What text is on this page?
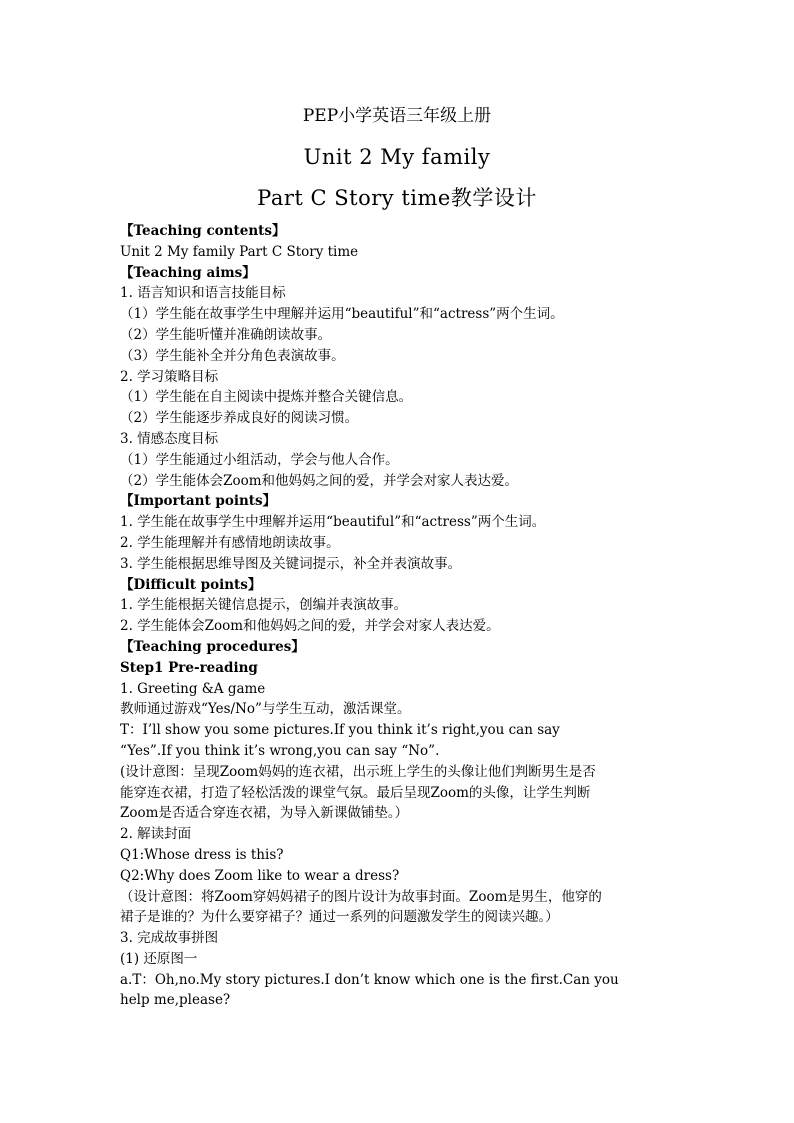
PEP小学英语三年级上册

Unit 2 My family

Part C Story time教学设计

【Teaching contents】

Unit 2 My family Part C Story time

【Teaching aims】

1. 语言知识和语言技能目标

（1）学生能在故事学生中理解并运用“beautiful”和“actress”两个生词。

（2）学生能听懂并准确朗读故事。

（3）学生能补全并分角色表演故事。

2. 学习策略目标

（1）学生能在自主阅读中提炼并整合关键信息。

（2）学生能逐步养成良好的阅读习惯。

3. 情感态度目标

（1）学生能通过小组活动，学会与他人合作。

（2）学生能体会Zoom和他妈妈之间的爱，并学会对家人表达爱。

【Important points】

1. 学生能在故事学生中理解并运用“beautiful”和“actress”两个生词。

2. 学生能理解并有感情地朗读故事。

3. 学生能根据思维导图及关键词提示，补全并表演故事。

【Difficult points】

1. 学生能根据关键信息提示，创编并表演故事。

2. 学生能体会Zoom和他妈妈之间的爱，并学会对家人表达爱。

【Teaching procedures】

Step1 Pre-reading

1. Greeting &A game

教师通过游戏“Yes/No”与学生互动，激活课堂。

T：I’ll show you some pictures.If you think it’s right,you can say

“Yes”.If you think it’s wrong,you can say “No”.

(设计意图：呈现Zoom妈妈的连衣裙，出示班上学生的头像让他们判断男生是否

能穿连衣裙，打造了轻松活泼的课堂气氛。最后呈现Zoom的头像，让学生判断

Zoom是否适合穿连衣裙，为导入新课做铺垫。）

2. 解读封面

Q1:Whose dress is this?

Q2:Why does Zoom like to wear a dress?

（设计意图：将Zoom穿妈妈裙子的图片设计为故事封面。Zoom是男生，他穿的

裙子是谁的？为什么要穿裙子？通过一系列的问题激发学生的阅读兴趣。）

3. 完成故事拼图

(1) 还原图一

a.T：Oh,no.My story pictures.I don’t know which one is the first.Can you

help me,please?
